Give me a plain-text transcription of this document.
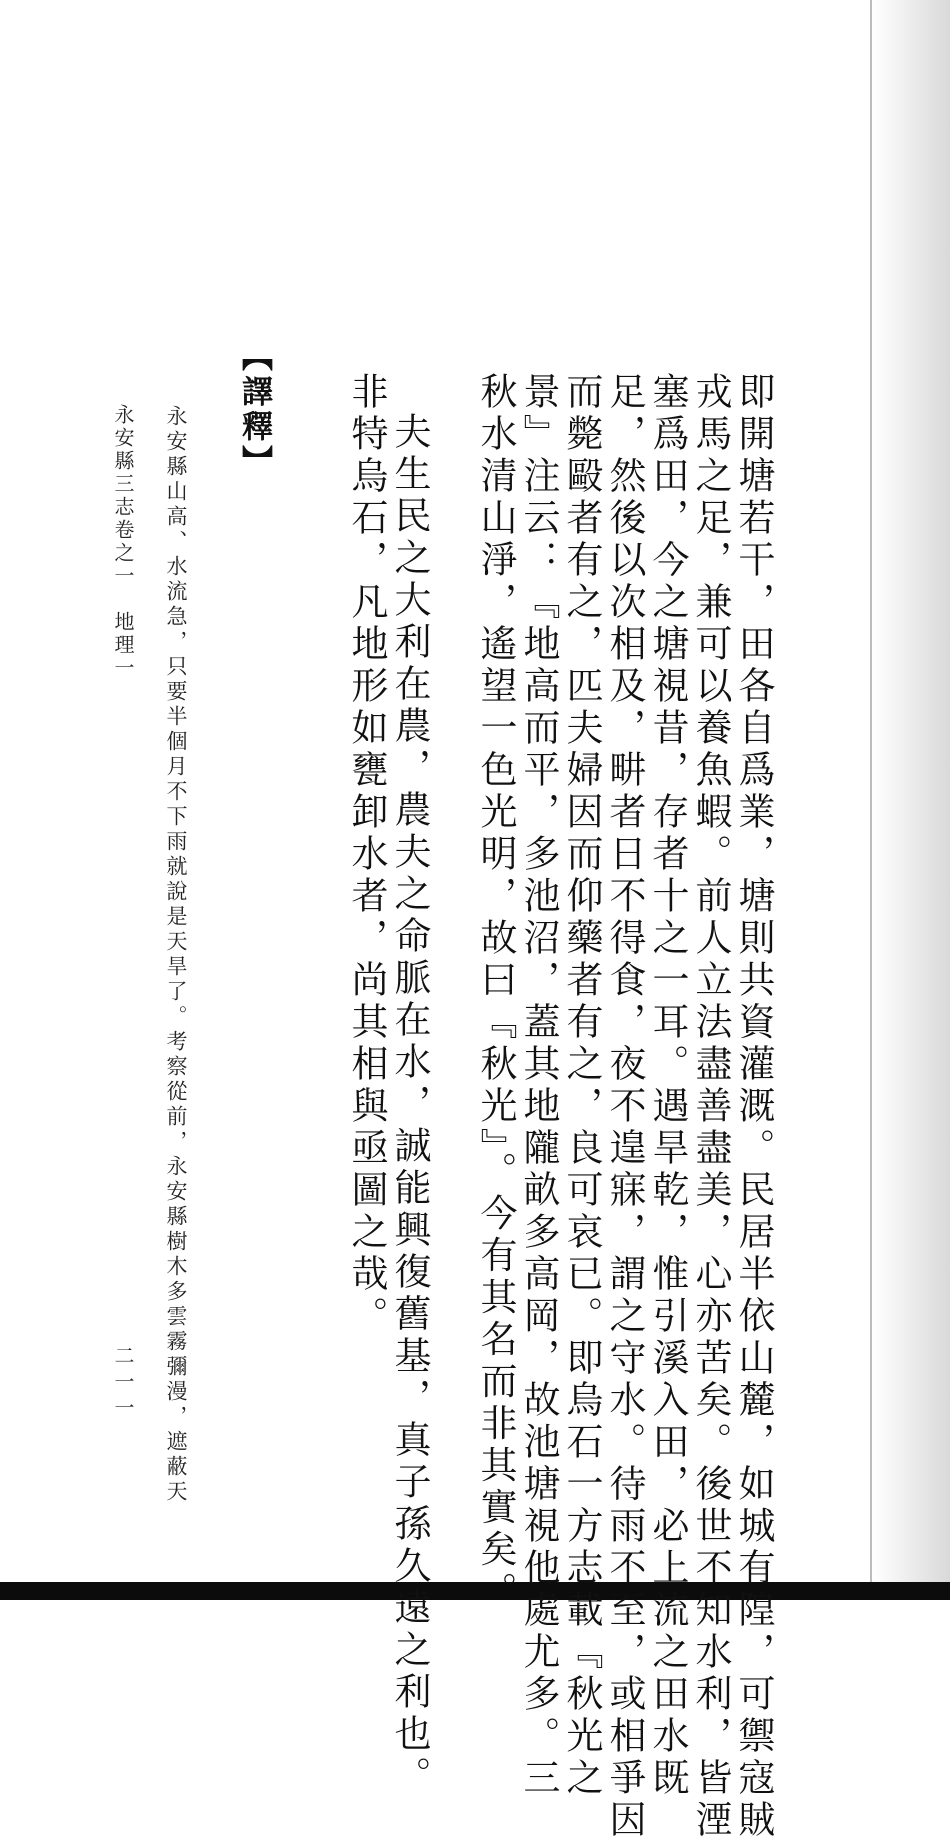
即開塘若干，田各自爲業，塘則共資灌溉。民居半依山麓，如城有隍，可禦寇賊

戎馬之足，兼可以養魚蝦。前人立法盡善盡美，心亦苦矣。後世不知水利，皆湮

塞爲田，今之塘視昔，存者十之一耳。遇旱乾，惟引溪入田，必上流之田水既

足，然後以次相及，畊者日不得食，夜不遑寐，謂之守水。待雨不至，或相爭因

而斃毆者有之，匹夫婦因而仰藥者有之，良可哀已。即烏石一方志載『秋光之

景』注云：『地高而平，多池沼，蓋其地隴畝多高岡，故池塘視他處尤多。三

秋水清山淨，遙望一色光明，故曰『秋光』。今有其名而非其實矣。

夫生民之大利在農，農夫之命脈在水，誠能興復舊基，真子孫久遠之利也。

非特烏石，凡地形如甕卸水者，尚其相與亟圖之哉。

【譯釋】

永安縣山高、水流急，只要半個月不下雨就說是天旱了。考察從前，永安縣樹木多雲霧彌漫，遮蔽天

永安縣三志卷之一　地理一
二一一
